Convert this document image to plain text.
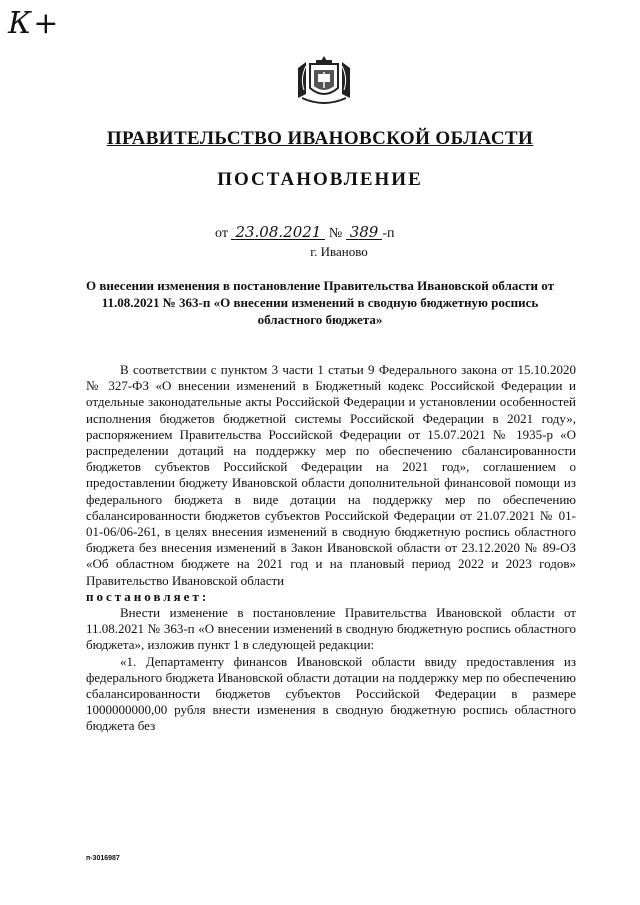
К+
ПРАВИТЕЛЬСТВО ИВАНОВСКОЙ ОБЛАСТИ
ПОСТАНОВЛЕНИЕ
от 23.08.2021 № 389 -п
г. Иваново
О внесении изменения в постановление Правительства Ивановской области от 11.08.2021 № 363-п «О внесении изменений в сводную бюджетную роспись областного бюджета»

В соответствии с пунктом 3 части 1 статьи 9 Федерального закона от 15.10.2020 № 327-ФЗ «О внесении изменений в Бюджетный кодекс Российской Федерации и отдельные законодательные акты Российской Федерации и установлении особенностей исполнения бюджетов бюджетной системы Российской Федерации в 2021 году», распоряжением Правительства Российской Федерации от 15.07.2021 № 1935-р «О распределении дотаций на поддержку мер по обеспечению сбалансированности бюджетов субъектов Российской Федерации на 2021 год», соглашением о предоставлении бюджету Ивановской области дополнительной финансовой помощи из федерального бюджета в виде дотации на поддержку мер по обеспечению сбалансированности бюджетов субъектов Российской Федерации от 21.07.2021 № 01-01-06/06-261, в целях внесения изменений в сводную бюджетную роспись областного бюджета без внесения изменений в Закон Ивановской области от 23.12.2020 № 89-ОЗ «Об областном бюджете на 2021 год и на плановый период 2022 и 2023 годов» Правительство Ивановской области

постановляет:

Внести изменение в постановление Правительства Ивановской области от 11.08.2021 № 363-п «О внесении изменений в сводную бюджетную роспись областного бюджета», изложив пункт 1 в следующей редакции:

«1. Департаменту финансов Ивановской области ввиду предоставления из федерального бюджета Ивановской области дотации на поддержку мер по обеспечению сбалансированности бюджетов субъектов Российской Федерации в размере 1000000000,00 рубля внести изменения в сводную бюджетную роспись областного бюджета без

п-3016987
